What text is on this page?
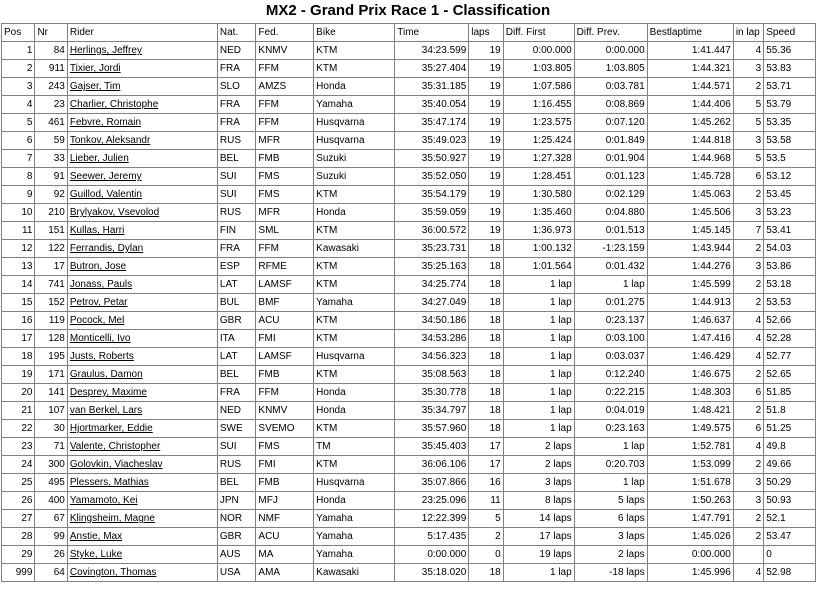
MX2 - Grand Prix Race 1 - Classification
Pos	Nr	Rider	Nat.	Fed.	Bike	Time	laps	Diff. First	Diff. Prev.	Bestlaptime	in lap	Speed
1	84	Herlings, Jeffrey	NED	KNMV	KTM	34:23.599	19	0:00.000	0:00.000	1:41.447	4	55.36
2	911	Tixier, Jordi	FRA	FFM	KTM	35:27.404	19	1:03.805	1:03.805	1:44.321	3	53.83
3	243	Gajser, Tim	SLO	AMZS	Honda	35:31.185	19	1:07.586	0:03.781	1:44.571	2	53.71
4	23	Charlier, Christophe	FRA	FFM	Yamaha	35:40.054	19	1:16.455	0:08.869	1:44.406	5	53.79
5	461	Febvre, Romain	FRA	FFM	Husqvarna	35:47.174	19	1:23.575	0:07.120	1:45.262	5	53.35
6	59	Tonkov, Aleksandr	RUS	MFR	Husqvarna	35:49.023	19	1:25.424	0:01.849	1:44.818	3	53.58
7	33	Lieber, Julien	BEL	FMB	Suzuki	35:50.927	19	1:27.328	0:01.904	1:44.968	5	53.5
8	91	Seewer, Jeremy	SUI	FMS	Suzuki	35:52.050	19	1:28.451	0:01.123	1:45.728	6	53.12
9	92	Guillod, Valentin	SUI	FMS	KTM	35:54.179	19	1:30.580	0:02.129	1:45.063	2	53.45
10	210	Brylyakov, Vsevolod	RUS	MFR	Honda	35:59.059	19	1:35.460	0:04.880	1:45.506	3	53.23
11	151	Kullas, Harri	FIN	SML	KTM	36:00.572	19	1:36.973	0:01.513	1:45.145	7	53.41
12	122	Ferrandis, Dylan	FRA	FFM	Kawasaki	35:23.731	18	1:00.132	-1:23.159	1:43.944	2	54.03
13	17	Butron, Jose	ESP	RFME	KTM	35:25.163	18	1:01.564	0:01.432	1:44.276	3	53.86
14	741	Jonass, Pauls	LAT	LAMSF	KTM	34:25.774	18	1 lap	1 lap	1:45.599	2	53.18
15	152	Petrov, Petar	BUL	BMF	Yamaha	34:27.049	18	1 lap	0:01.275	1:44.913	2	53.53
16	119	Pocock, Mel	GBR	ACU	KTM	34:50.186	18	1 lap	0:23.137	1:46.637	4	52.66
17	128	Monticelli, Ivo	ITA	FMI	KTM	34:53.286	18	1 lap	0:03.100	1:47.416	4	52.28
18	195	Justs, Roberts	LAT	LAMSF	Husqvarna	34:56.323	18	1 lap	0:03.037	1:46.429	4	52.77
19	171	Graulus, Damon	BEL	FMB	KTM	35:08.563	18	1 lap	0:12.240	1:46.675	2	52.65
20	141	Desprey, Maxime	FRA	FFM	Honda	35:30.778	18	1 lap	0:22.215	1:48.303	6	51.85
21	107	van Berkel, Lars	NED	KNMV	Honda	35:34.797	18	1 lap	0:04.019	1:48.421	2	51.8
22	30	Hjortmarker, Eddie	SWE	SVEMO	KTM	35:57.960	18	1 lap	0:23.163	1:49.575	6	51.25
23	71	Valente, Christopher	SUI	FMS	TM	35:45.403	17	2 laps	1 lap	1:52.781	4	49.8
24	300	Golovkin, Viacheslav	RUS	FMI	KTM	36:06.106	17	2 laps	0:20.703	1:53.099	2	49.66
25	495	Plessers, Mathias	BEL	FMB	Husqvarna	35:07.866	16	3 laps	1 lap	1:51.678	3	50.29
26	400	Yamamoto, Kei	JPN	MFJ	Honda	23:25.096	11	8 laps	5 laps	1:50.263	3	50.93
27	67	Klingsheim, Magne	NOR	NMF	Yamaha	12:22.399	5	14 laps	6 laps	1:47.791	2	52.1
28	99	Anstie, Max	GBR	ACU	Yamaha	5:17.435	2	17 laps	3 laps	1:45.026	2	53.47
29	26	Styke, Luke	AUS	MA	Yamaha	0:00.000	0	19 laps	2 laps	0:00.000		0
999	64	Covington, Thomas	USA	AMA	Kawasaki	35:18.020	18	1 lap	-18 laps	1:45.996	4	52.98
